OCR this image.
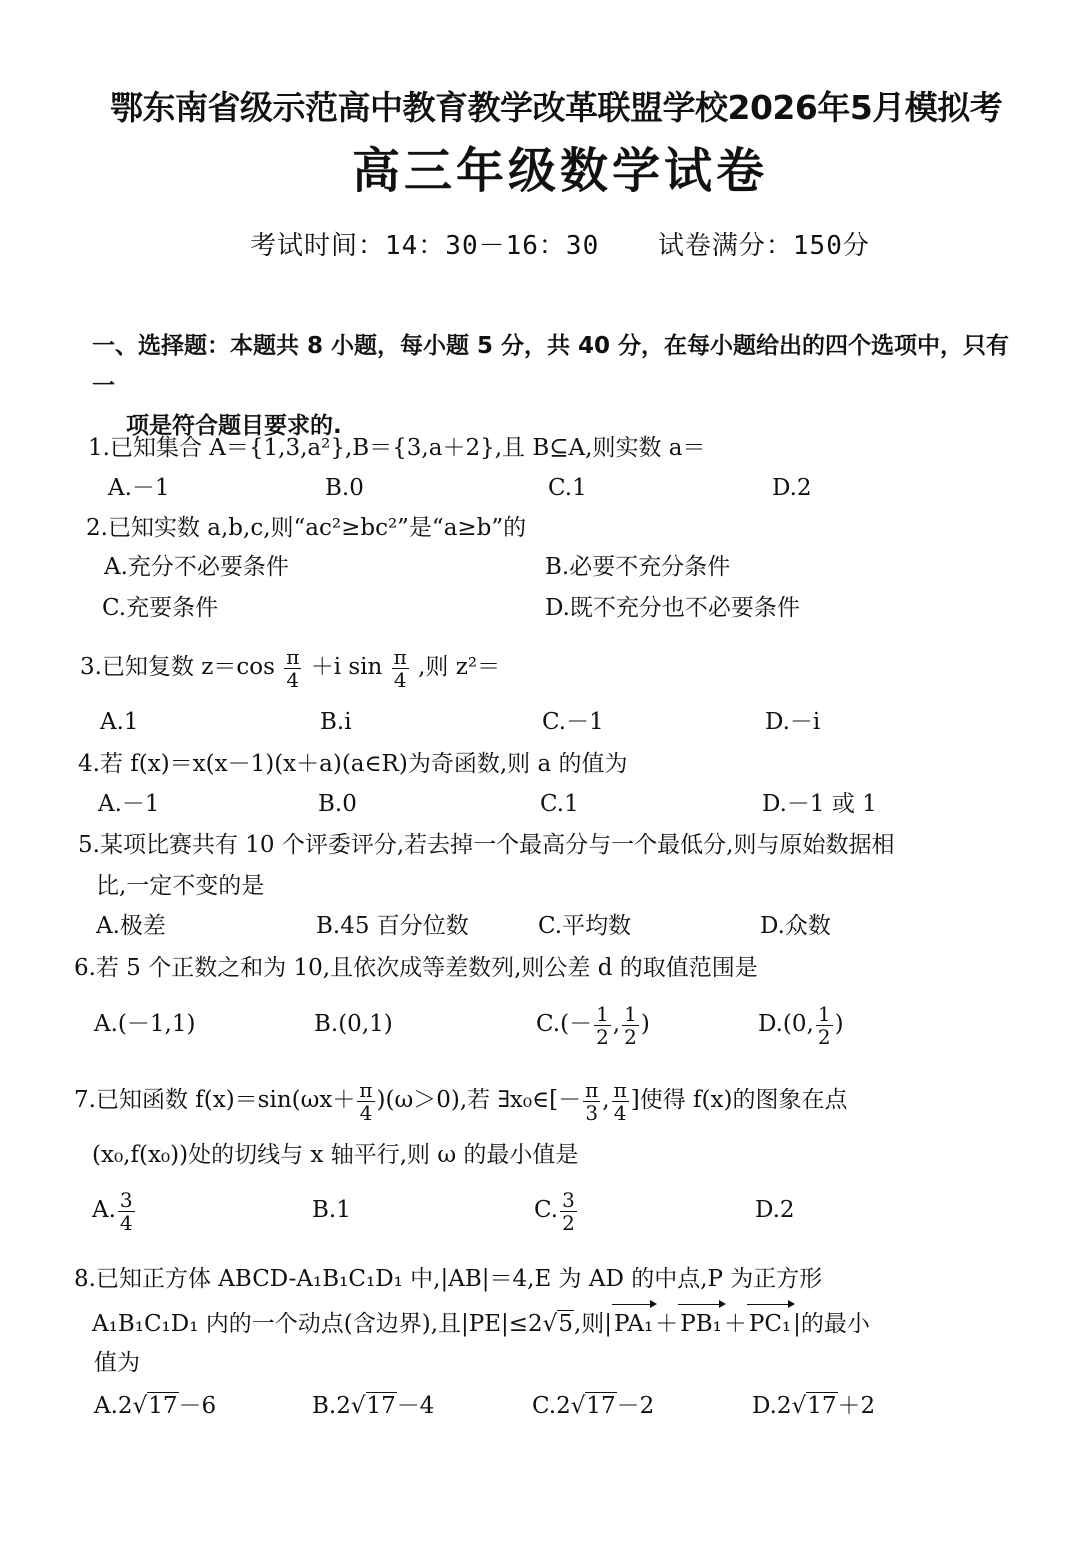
鄂东南省级示范高中教育教学改革联盟学校2026年5月模拟考
高三年级数学试卷
考试时间：14：30－16：30 试卷满分：150分
一、选择题：本题共 8 小题，每小题 5 分，共 40 分，在每小题给出的四个选项中，只有一
项是符合题目要求的.
1.已知集合 A＝{1,3,a²},B＝{3,a＋2},且 B⊆A,则实数 a＝
A.－1	B.0	C.1	D.2
2.已知实数 a,b,c,则“ac²≥bc²”是“a≥b”的
A.充分不必要条件	B.必要不充分条件
C.充要条件	D.既不充分也不必要条件
3.已知复数 $z=\cos \frac{\pi}{4} +i$ $\sin \frac{\pi}{4}$ ,则 z²＝
A.1	B.i	C.－1	D.－i
4.若 f(x)＝x(x－1)(x＋a)(a∈R)为奇函数,则 a 的值为
A.－1	B.0	C.1	D.－1 或 1
5.某项比赛共有 10 个评委评分,若去掉一个最高分与一个最低分,则与原始数据相
比,一定不变的是
A.极差	B.45 百分位数	C.平均数	D.众数
6.若 5 个正数之和为 10,且依次成等差数列,则公差 d 的取值范围是
A.(－1,1)	B.(0,1)	$C.(- \frac{1}{2}$ , $\frac{1}{2}$ )	D.(0, $\frac{1}{2}$ )
7.已知函数 $f(x)=\sin(\omega x+ \frac{\pi}{4} )(\omega>0)$,若 ∃x₀∈[－ $\frac{\pi}{3}$ , $\frac{\pi}{4}$ ]使得 f(x)的图象在点
(x₀,f(x₀))处的切线与 x 轴平行,则 ω 的最小值是
A. $\frac{3}{4}$	B.1	C. $\frac{3}{2}$	D.2
8.已知正方体 ABCD-A₁B₁C₁D₁ 中,|AB|＝4,E 为 AD 的中点,P 为正方形
A₁B₁C₁D₁ 内的一个动点(含边界),且|PE|≤2√5,则|PA₁＋PB₁＋PC₁|的最小
值为
A.2√17－6	B.2√17－4	C.2√17－2	D.2√17＋2
